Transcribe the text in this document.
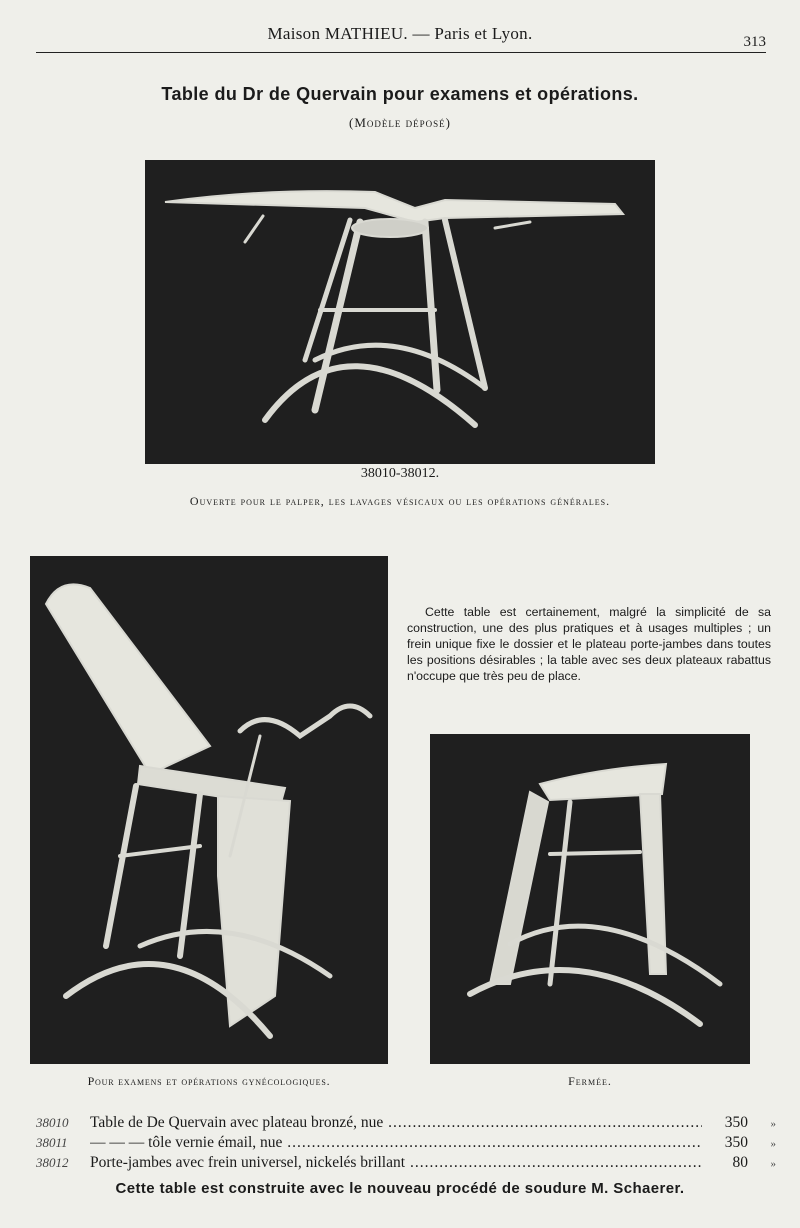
Maison MATHIEU. — Paris et Lyon.	313
Table du Dr de Quervain pour examens et opérations.
(Modèle déposé)
38010-38012.
Ouverte pour le palper, les lavages vésicaux ou les opérations générales.
Cette table est certainement, malgré la simplicité de sa construction, une des plus pratiques et à usages multiples ; un frein unique fixe le dossier et le plateau porte-jambes dans toutes les positions désirables ; la table avec ses deux plateaux rabattus n'occupe que très peu de place.
Pour examens et opérations gynécologiques.	Fermée.
38010	Table de De Quervain avec plateau bronzé, nue .....	350	»
38011	— — — tôle vernie émail, nue .....	350	»
38012	Porte-jambes avec frein universel, nickelés brillant .....	80	»
Cette table est construite avec le nouveau procédé de soudure M. Schaerer.
